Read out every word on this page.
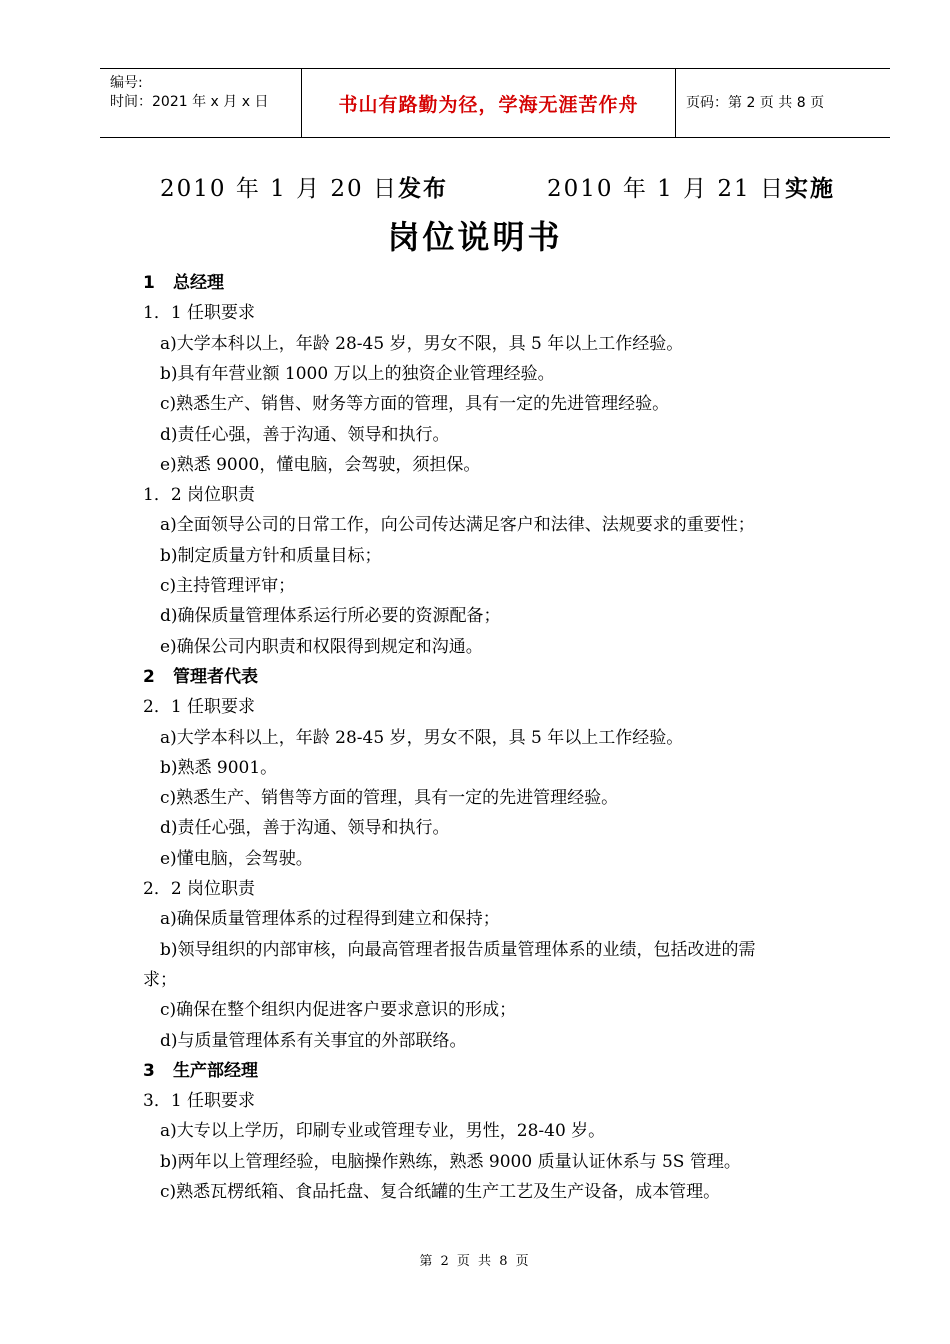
编号:
时间：2021 年 x 月 x 日	书山有路勤为径，学海无涯苦作舟	页码：第 2 页 共 8 页
2010 年 1 月 20 日发布	2010 年 1 月 21 日实施
岗位说明书
1 总经理
1．1 任职要求
a)大学本科以上，年龄 28-45 岁，男女不限，具 5 年以上工作经验。
b)具有年营业额 1000 万以上的独资企业管理经验。
c)熟悉生产、销售、财务等方面的管理，具有一定的先进管理经验。
d)责任心强，善于沟通、领导和执行。
e)熟悉 9000，懂电脑，会驾驶，须担保。
1．2 岗位职责
a)全面领导公司的日常工作，向公司传达满足客户和法律、法规要求的重要性；
b)制定质量方针和质量目标；
c)主持管理评审；
d)确保质量管理体系运行所必要的资源配备；
e)确保公司内职责和权限得到规定和沟通。
2 管理者代表
2．1 任职要求
a)大学本科以上，年龄 28-45 岁，男女不限，具 5 年以上工作经验。
b)熟悉 9001。
c)熟悉生产、销售等方面的管理，具有一定的先进管理经验。
d)责任心强，善于沟通、领导和执行。
e)懂电脑，会驾驶。
2．2 岗位职责
a)确保质量管理体系的过程得到建立和保持；
b)领导组织的内部审核，向最高管理者报告质量管理体系的业绩，包括改进的需
求；
c)确保在整个组织内促进客户要求意识的形成；
d)与质量管理体系有关事宜的外部联络。
3 生产部经理
3．1 任职要求
a)大专以上学历，印刷专业或管理专业，男性，28-40 岁。
b)两年以上管理经验，电脑操作熟练，熟悉 9000 质量认证休系与 5S 管理。
c)熟悉瓦楞纸箱、食品托盘、复合纸罐的生产工艺及生产设备，成本管理。
第 2 页 共 8 页
